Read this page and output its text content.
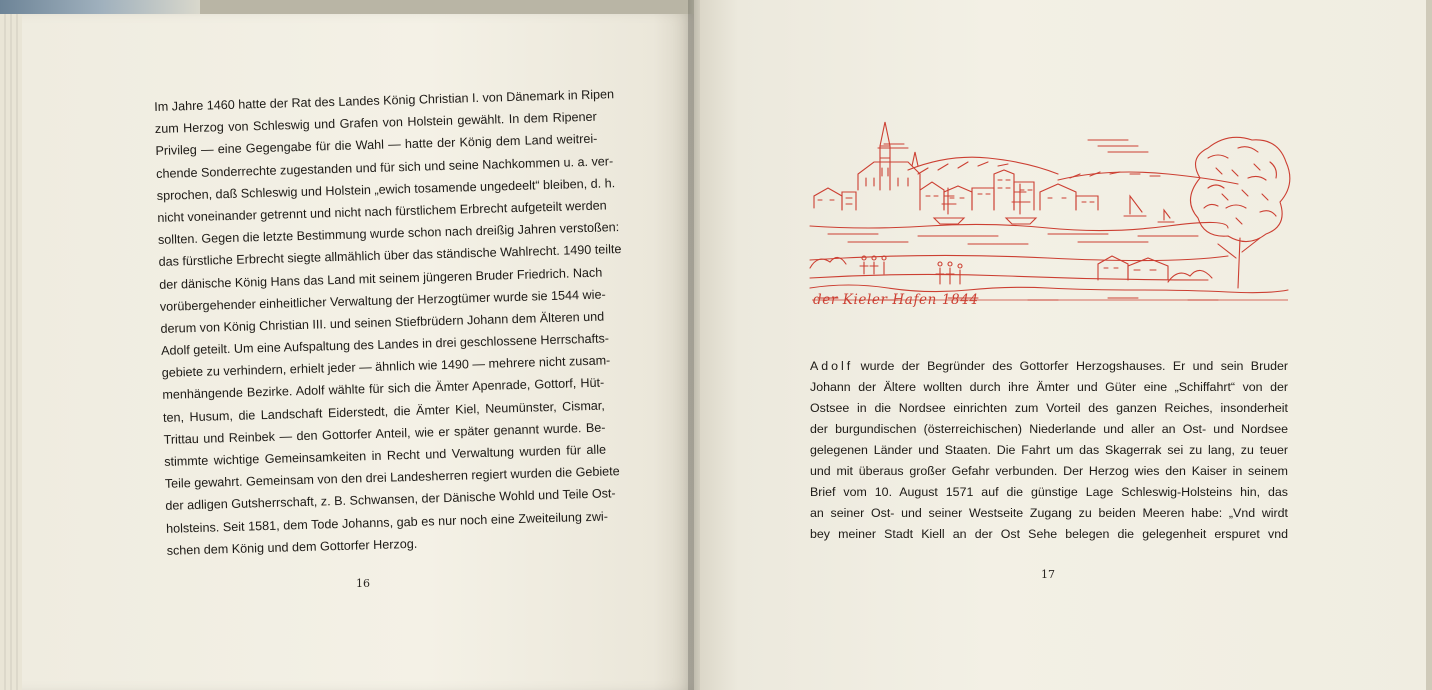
Im Jahre 1460 hatte der Rat des Landes König Christian I. von Dänemark in Ripen
zum Herzog von Schleswig und Grafen von Holstein gewählt. In dem Ripener
Privileg — eine Gegengabe für die Wahl — hatte der König dem Land weitrei-
chende Sonderrechte zugestanden und für sich und seine Nachkommen u. a. ver-
sprochen, daß Schleswig und Holstein „ewich tosamende ungedeelt“ bleiben, d. h.
nicht voneinander getrennt und nicht nach fürstlichem Erbrecht aufgeteilt werden
sollten. Gegen die letzte Bestimmung wurde schon nach dreißig Jahren verstoßen:
das fürstliche Erbrecht siegte allmählich über das ständische Wahlrecht. 1490 teilte
der dänische König Hans das Land mit seinem jüngeren Bruder Friedrich. Nach
vorübergehender einheitlicher Verwaltung der Herzogtümer wurde sie 1544 wie-
derum von König Christian III. und seinen Stiefbrüdern Johann dem Älteren und
Adolf geteilt. Um eine Aufspaltung des Landes in drei geschlossene Herrschafts-
gebiete zu verhindern, erhielt jeder — ähnlich wie 1490 — mehrere nicht zusam-
menhängende Bezirke. Adolf wählte für sich die Ämter Apenrade, Gottorf, Hüt-
ten, Husum, die Landschaft Eiderstedt, die Ämter Kiel, Neumünster, Cismar,
Trittau und Reinbek — den Gottorfer Anteil, wie er später genannt wurde. Be-
stimmte wichtige Gemeinsamkeiten in Recht und Verwaltung wurden für alle
Teile gewahrt. Gemeinsam von den drei Landesherren regiert wurden die Gebiete
der adligen Gutsherrschaft, z. B. Schwansen, der Dänische Wohld und Teile Ost-
holsteins. Seit 1581, dem Tode Johanns, gab es nur noch eine Zweiteilung zwi-
schen dem König und dem Gottorfer Herzog.
16
der Kieler Hafen 1844
Adolf wurde der Begründer des Gottorfer Herzogshauses. Er und sein Bruder
Johann der Ältere wollten durch ihre Ämter und Güter eine „Schiffahrt“ von der
Ostsee in die Nordsee einrichten zum Vorteil des ganzen Reiches, insonderheit
der burgundischen (österreichischen) Niederlande und aller an Ost- und Nordsee
gelegenen Länder und Staaten. Die Fahrt um das Skagerrak sei zu lang, zu teuer
und mit überaus großer Gefahr verbunden. Der Herzog wies den Kaiser in seinem
Brief vom 10. August 1571 auf die günstige Lage Schleswig-Holsteins hin, das
an seiner Ost- und seiner Westseite Zugang zu beiden Meeren habe: „Vnd wirdt
bey meiner Stadt Kiell an der Ost Sehe belegen die gelegenheit erspuret vnd
17
